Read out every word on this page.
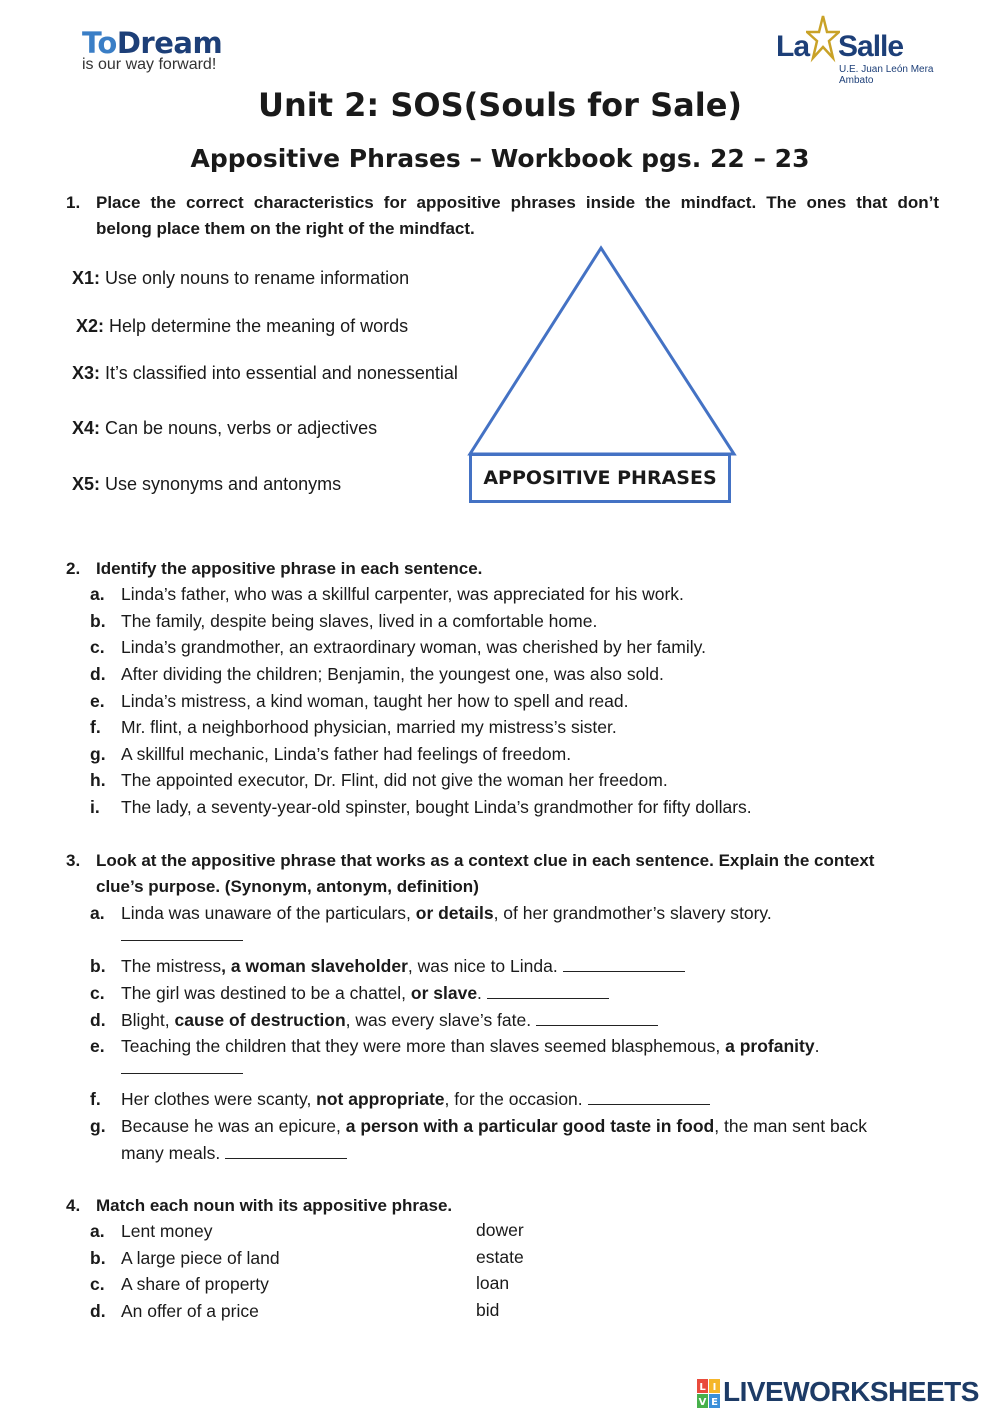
ToDream
is our way forward!
La Salle
U.E. Juan León Mera
Ambato
Unit 2: SOS(Souls for Sale)
Appositive Phrases – Workbook pgs. 22 – 23
1. Place the correct characteristics for appositive phrases inside the mindfact. The ones that don’t
belong place them on the right of the mindfact.
X1: Use only nouns to rename information
X2: Help determine the meaning of words
X3: It’s classified into essential and nonessential
X4: Can be nouns, verbs or adjectives
X5: Use synonyms and antonyms	APPOSITIVE PHRASES
2. Identify the appositive phrase in each sentence.
a. Linda’s father, who was a skillful carpenter, was appreciated for his work.
b. The family, despite being slaves, lived in a comfortable home.
c. Linda’s grandmother, an extraordinary woman, was cherished by her family.
d. After dividing the children; Benjamin, the youngest one, was also sold.
e. Linda’s mistress, a kind woman, taught her how to spell and read.
f. Mr. flint, a neighborhood physician, married my mistress’s sister.
g. A skillful mechanic, Linda’s father had feelings of freedom.
h. The appointed executor, Dr. Flint, did not give the woman her freedom.
i. The lady, a seventy-year-old spinster, bought Linda’s grandmother for fifty dollars.
3. Look at the appositive phrase that works as a context clue in each sentence. Explain the context
clue’s purpose. (Synonym, antonym, definition)
a. Linda was unaware of the particulars, or details, of her grandmother’s slavery story.
b. The mistress, a woman slaveholder, was nice to Linda.
c. The girl was destined to be a chattel, or slave.
d. Blight, cause of destruction, was every slave’s fate.
e. Teaching the children that they were more than slaves seemed blasphemous, a profanity.
f. Her clothes were scanty, not appropriate, for the occasion.
g. Because he was an epicure, a person with a particular good taste in food, the man sent back
many meals.
4. Match each noun with its appositive phrase.
a. Lent money	dower
b. A large piece of land	estate
c. A share of property	loan
d. An offer of a price	bid
L I
V E LIVEWORKSHEETS
